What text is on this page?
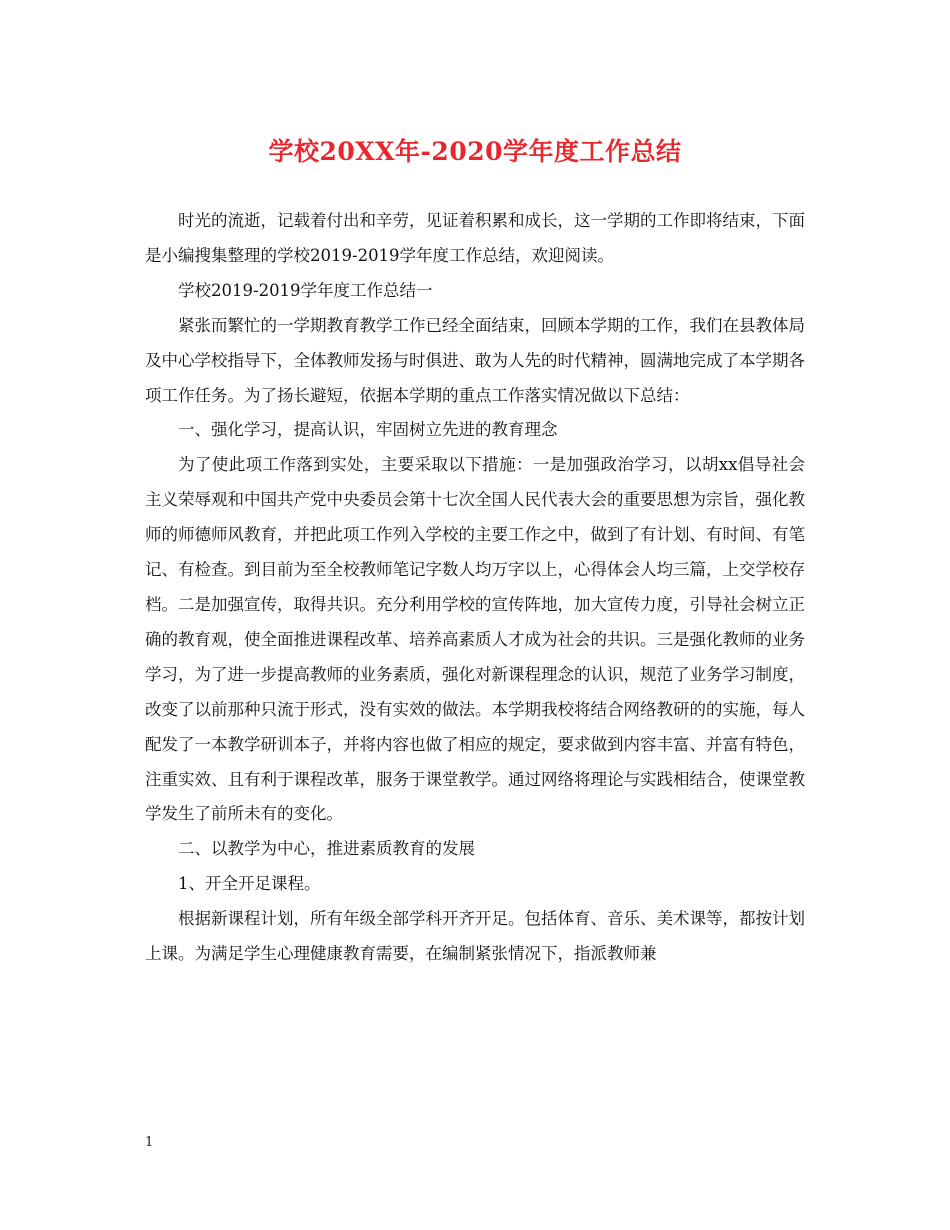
学校20XX年-2020学年度工作总结

时光的流逝，记载着付出和辛劳，见证着积累和成长，这一学期的工作即将结束，下面是小编搜集整理的学校2019-2019学年度工作总结，欢迎阅读。

学校2019-2019学年度工作总结一

紧张而繁忙的一学期教育教学工作已经全面结束，回顾本学期的工作，我们在县教体局及中心学校指导下，全体教师发扬与时俱进、敢为人先的时代精神，圆满地完成了本学期各项工作任务。为了扬长避短，依据本学期的重点工作落实情况做以下总结：

一、强化学习，提高认识，牢固树立先进的教育理念

为了使此项工作落到实处，主要采取以下措施：一是加强政治学习，以胡xx倡导社会主义荣辱观和中国共产党中央委员会第十七次全国人民代表大会的重要思想为宗旨，强化教师的师德师风教育，并把此项工作列入学校的主要工作之中，做到了有计划、有时间、有笔记、有检查。到目前为至全校教师笔记字数人均万字以上，心得体会人均三篇，上交学校存档。二是加强宣传，取得共识。充分利用学校的宣传阵地，加大宣传力度，引导社会树立正确的教育观，使全面推进课程改革、培养高素质人才成为社会的共识。三是强化教师的业务学习，为了进一步提高教师的业务素质，强化对新课程理念的认识，规范了业务学习制度，改变了以前那种只流于形式，没有实效的做法。本学期我校将结合网络教研的的实施，每人配发了一本教学研训本子，并将内容也做了相应的规定，要求做到内容丰富、并富有特色，注重实效、且有利于课程改革，服务于课堂教学。通过网络将理论与实践相结合，使课堂教学发生了前所未有的变化。

二、以教学为中心，推进素质教育的发展

1、开全开足课程。

根据新课程计划，所有年级全部学科开齐开足。包括体育、音乐、美术课等，都按计划上课。为满足学生心理健康教育需要，在编制紧张情况下，指派教师兼

1
